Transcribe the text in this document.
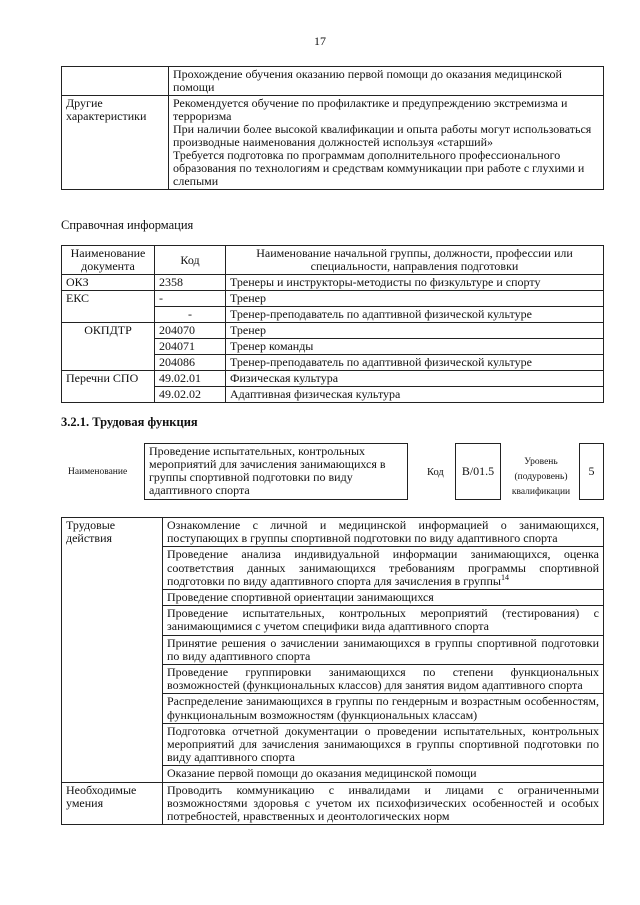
17
	Прохождение обучения оказанию первой помощи до оказания медицинской помощи
Другие характеристики	Рекомендуется обучение по профилактике и предупреждению экстремизма и терроризма

При наличии более высокой квалификации и опыта работы могут использоваться производные наименования должностей используя «старший»

Требуется подготовка по программам дополнительного профессионального образования по технологиям и средствам коммуникации при работе с глухими и слепыми

Справочная информация
Наименование документа	Код	Наименование начальной группы, должности, профессии или специальности, направления подготовки
ОКЗ	2358	Тренеры и инструкторы-методисты по физкультуре и спорту
ЕКС	-	Тренер
	-	Тренер-преподаватель по адаптивной физической культуре
ОКПДТР	204070	Тренер
	204071	Тренер команды
	204086	Тренер-преподаватель по адаптивной физической культуре
Перечни СПО	49.02.01	Физическая культура
	49.02.02	Адаптивная физическая культура
3.2.1. Трудовая функция
Наименование
Проведение испытательных, контрольных мероприятий для зачисления занимающихся в группы спортивной подготовки по виду адаптивного спорта
Код	B/01.5
Уровень (подуровень) квалификации
5
Трудовые действия	Ознакомление с личной и медицинской информацией о занимающихся, поступающих в группы спортивной подготовки по виду адаптивного спорта
	Проведение анализа индивидуальной информации занимающихся, оценка соответствия данных занимающихся требованиям программы спортивной подготовки по виду адаптивного спорта для зачисления в группы$^{14}$
	Проведение спортивной ориентации занимающихся
	Проведение испытательных, контрольных мероприятий (тестирования) с занимающимися с учетом специфики вида адаптивного спорта
	Принятие решения о зачислении занимающихся в группы спортивной подготовки по виду адаптивного спорта
	Проведение группировки занимающихся по степени функциональных возможностей (функциональных классов) для занятия видом адаптивного спорта
	Распределение занимающихся в группы по гендерным и возрастным особенностям, функциональным возможностям (функциональных классам)
	Подготовка отчетной документации о проведении испытательных, контрольных мероприятий для зачисления занимающихся в группы спортивной подготовки по виду адаптивного спорта
	Оказание первой помощи до оказания медицинской помощи
Необходимые умения	Проводить коммуникацию с инвалидами и лицами с ограниченными возможностями здоровья с учетом их психофизических особенностей и особых потребностей, нравственных и деонтологических норм
